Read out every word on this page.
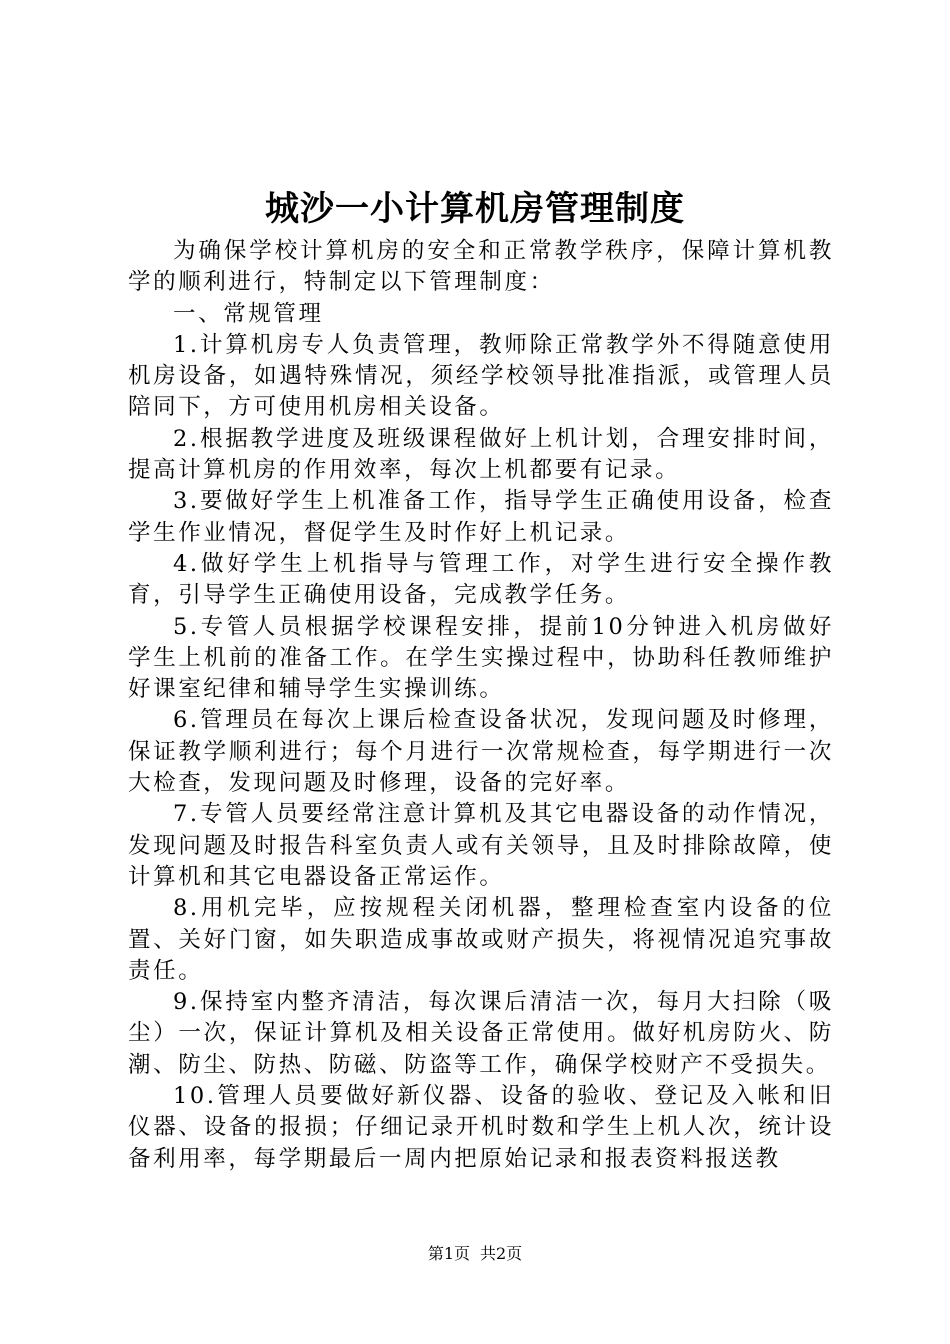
城沙一小计算机房管理制度

为确保学校计算机房的安全和正常教学秩序，保障计算机教学的顺利进行，特制定以下管理制度：

一、常规管理

1.计算机房专人负责管理，教师除正常教学外不得随意使用机房设备，如遇特殊情况，须经学校领导批准指派，或管理人员陪同下，方可使用机房相关设备。

2.根据教学进度及班级课程做好上机计划，合理安排时间，提高计算机房的作用效率，每次上机都要有记录。

3.要做好学生上机准备工作，指导学生正确使用设备，检查学生作业情况，督促学生及时作好上机记录。

4.做好学生上机指导与管理工作，对学生进行安全操作教育，引导学生正确使用设备，完成教学任务。

5.专管人员根据学校课程安排，提前10分钟进入机房做好学生上机前的准备工作。在学生实操过程中，协助科任教师维护好课室纪律和辅导学生实操训练。

6.管理员在每次上课后检查设备状况，发现问题及时修理，保证教学顺利进行；每个月进行一次常规检查，每学期进行一次大检查，发现问题及时修理，设备的完好率。

7.专管人员要经常注意计算机及其它电器设备的动作情况，发现问题及时报告科室负责人或有关领导，且及时排除故障，使计算机和其它电器设备正常运作。

8.用机完毕，应按规程关闭机器，整理检查室内设备的位置、关好门窗，如失职造成事故或财产损失，将视情况追究事故责任。

9.保持室内整齐清洁，每次课后清洁一次，每月大扫除（吸尘）一次，保证计算机及相关设备正常使用。做好机房防火、防潮、防尘、防热、防磁、防盗等工作，确保学校财产不受损失。

10.管理人员要做好新仪器、设备的验收、登记及入帐和旧仪器、设备的报损；仔细记录开机时数和学生上机人次，统计设备利用率，每学期最后一周内把原始记录和报表资料报送教

第1页 共2页
